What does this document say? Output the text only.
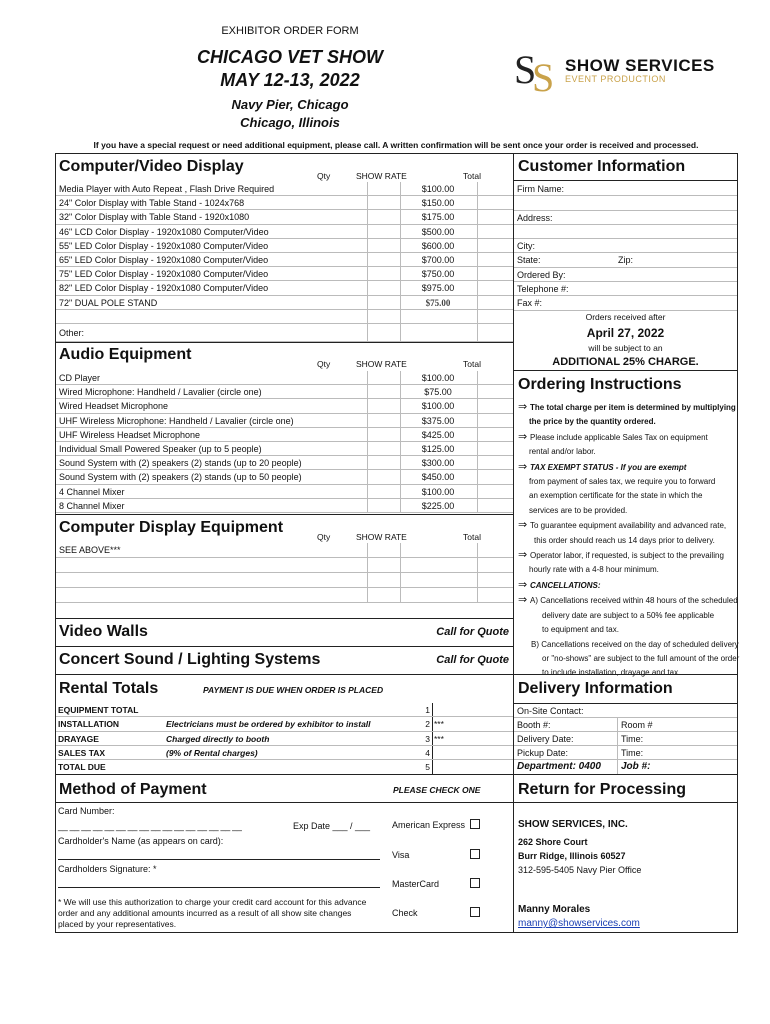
EXHIBITOR ORDER FORM
CHICAGO VET SHOW
MAY 12-13, 2022
Navy Pier, Chicago
Chicago, Illinois
S
S SHOW SERVICES
EVENT PRODUCTION
If you have a special request or need additional equipment, please call. A written confirmation will be sent once your order is received and processed.
Computer/Video Display
Qty	SHOW RATE	Total
Media Player with Auto Repeat , Flash Drive Required	$100.00
24" Color Display with Table Stand - 1024x768	$150.00
32" Color Display with Table Stand - 1920x1080	$175.00
46" LCD Color Display - 1920x1080 Computer/Video	$500.00
55" LED Color Display - 1920x1080 Computer/Video	$600.00
65" LED Color Display - 1920x1080 Computer/Video	$700.00
75" LED Color Display - 1920x1080 Computer/Video	$750.00
82" LED Color Display - 1920x1080 Computer/Video	$975.00
72" DUAL POLE STAND	$75.00
Other:
Audio Equipment
Qty	SHOW RATE	Total
CD Player	$100.00
Wired Microphone: Handheld / Lavalier (circle one)	$75.00
Wired Headset Microphone	$100.00
UHF Wireless Microphone: Handheld / Lavalier (circle one)	$375.00
UHF Wireless Headset Microphone	$425.00
Individual Small Powered Speaker (up to 5 people)	$125.00
Sound System with (2) speakers (2) stands (up to 20 people)	$300.00
Sound System with (2) speakers (2) stands (up to 50 people)	$450.00
4 Channel Mixer	$100.00
8 Channel Mixer	$225.00
Computer Display Equipment
Qty	SHOW RATE	Total
SEE ABOVE***
Video Walls	Call for Quote
Concert Sound / Lighting Systems	Call for Quote
Rental Totals	PAYMENT IS DUE WHEN ORDER IS PLACED
EQUIPMENT TOTAL	1
INSTALLATION	Electricians must be ordered by exhibitor to install	2 ***
DRAYAGE	Charged directly to booth	3 ***
SALES TAX	(9% of Rental charges)	4
TOTAL DUE	5
Method of Payment	PLEASE CHECK ONE
Card Number:
__ __ __ __ __ __ __ __ __ __ __ __ __ __ __ __	Exp Date ___ / ___
Cardholder's Name (as appears on card):
Cardholders Signature: *
* We will use this authorization to charge your credit card account for this advance order and any additional amounts incurred as a result of all show site changes placed by your representatives.
American Express
Visa
MasterCard
Check
Customer Information
Firm Name:
Address:
City:
State:	Zip:
Ordered By:
Telephone #:
Fax #:
Orders received after
April 27, 2022
will be subject to an
ADDITIONAL 25% CHARGE.
Ordering Instructions
⇒ The total charge per item is determined by multiplying
the price by the quantity ordered.
⇒ Please include applicable Sales Tax on equipment
rental and/or labor.
⇒ TAX EXEMPT STATUS - If you are exempt
from payment of sales tax, we require you to forward
an exemption certificate for the state in which the
services are to be provided.
⇒ To guarantee equipment availability and advanced rate,
this order should reach us 14 days prior to delivery.
⇒ Operator labor, if requested, is subject to the prevailing
hourly rate with a 4-8 hour minimum.
⇒ CANCELLATIONS:
⇒ A) Cancellations received within 48 hours of the scheduled
delivery date are subject to a 50% fee applicable
to equipment and tax.
B) Cancellations received on the day of scheduled delivery
or "no-shows" are subject to the full amount of the order
to include installation, drayage and tax.
Delivery Information
On-Site Contact:
Booth #:	Room #
Delivery Date:	Time:
Pickup Date:	Time:
Department: 0400 Job #:
Return for Processing
SHOW SERVICES, INC.
262 Shore Court
Burr Ridge, Illinois 60527
312-595-5405 Navy Pier Office
Manny Morales
manny@showservices.com
